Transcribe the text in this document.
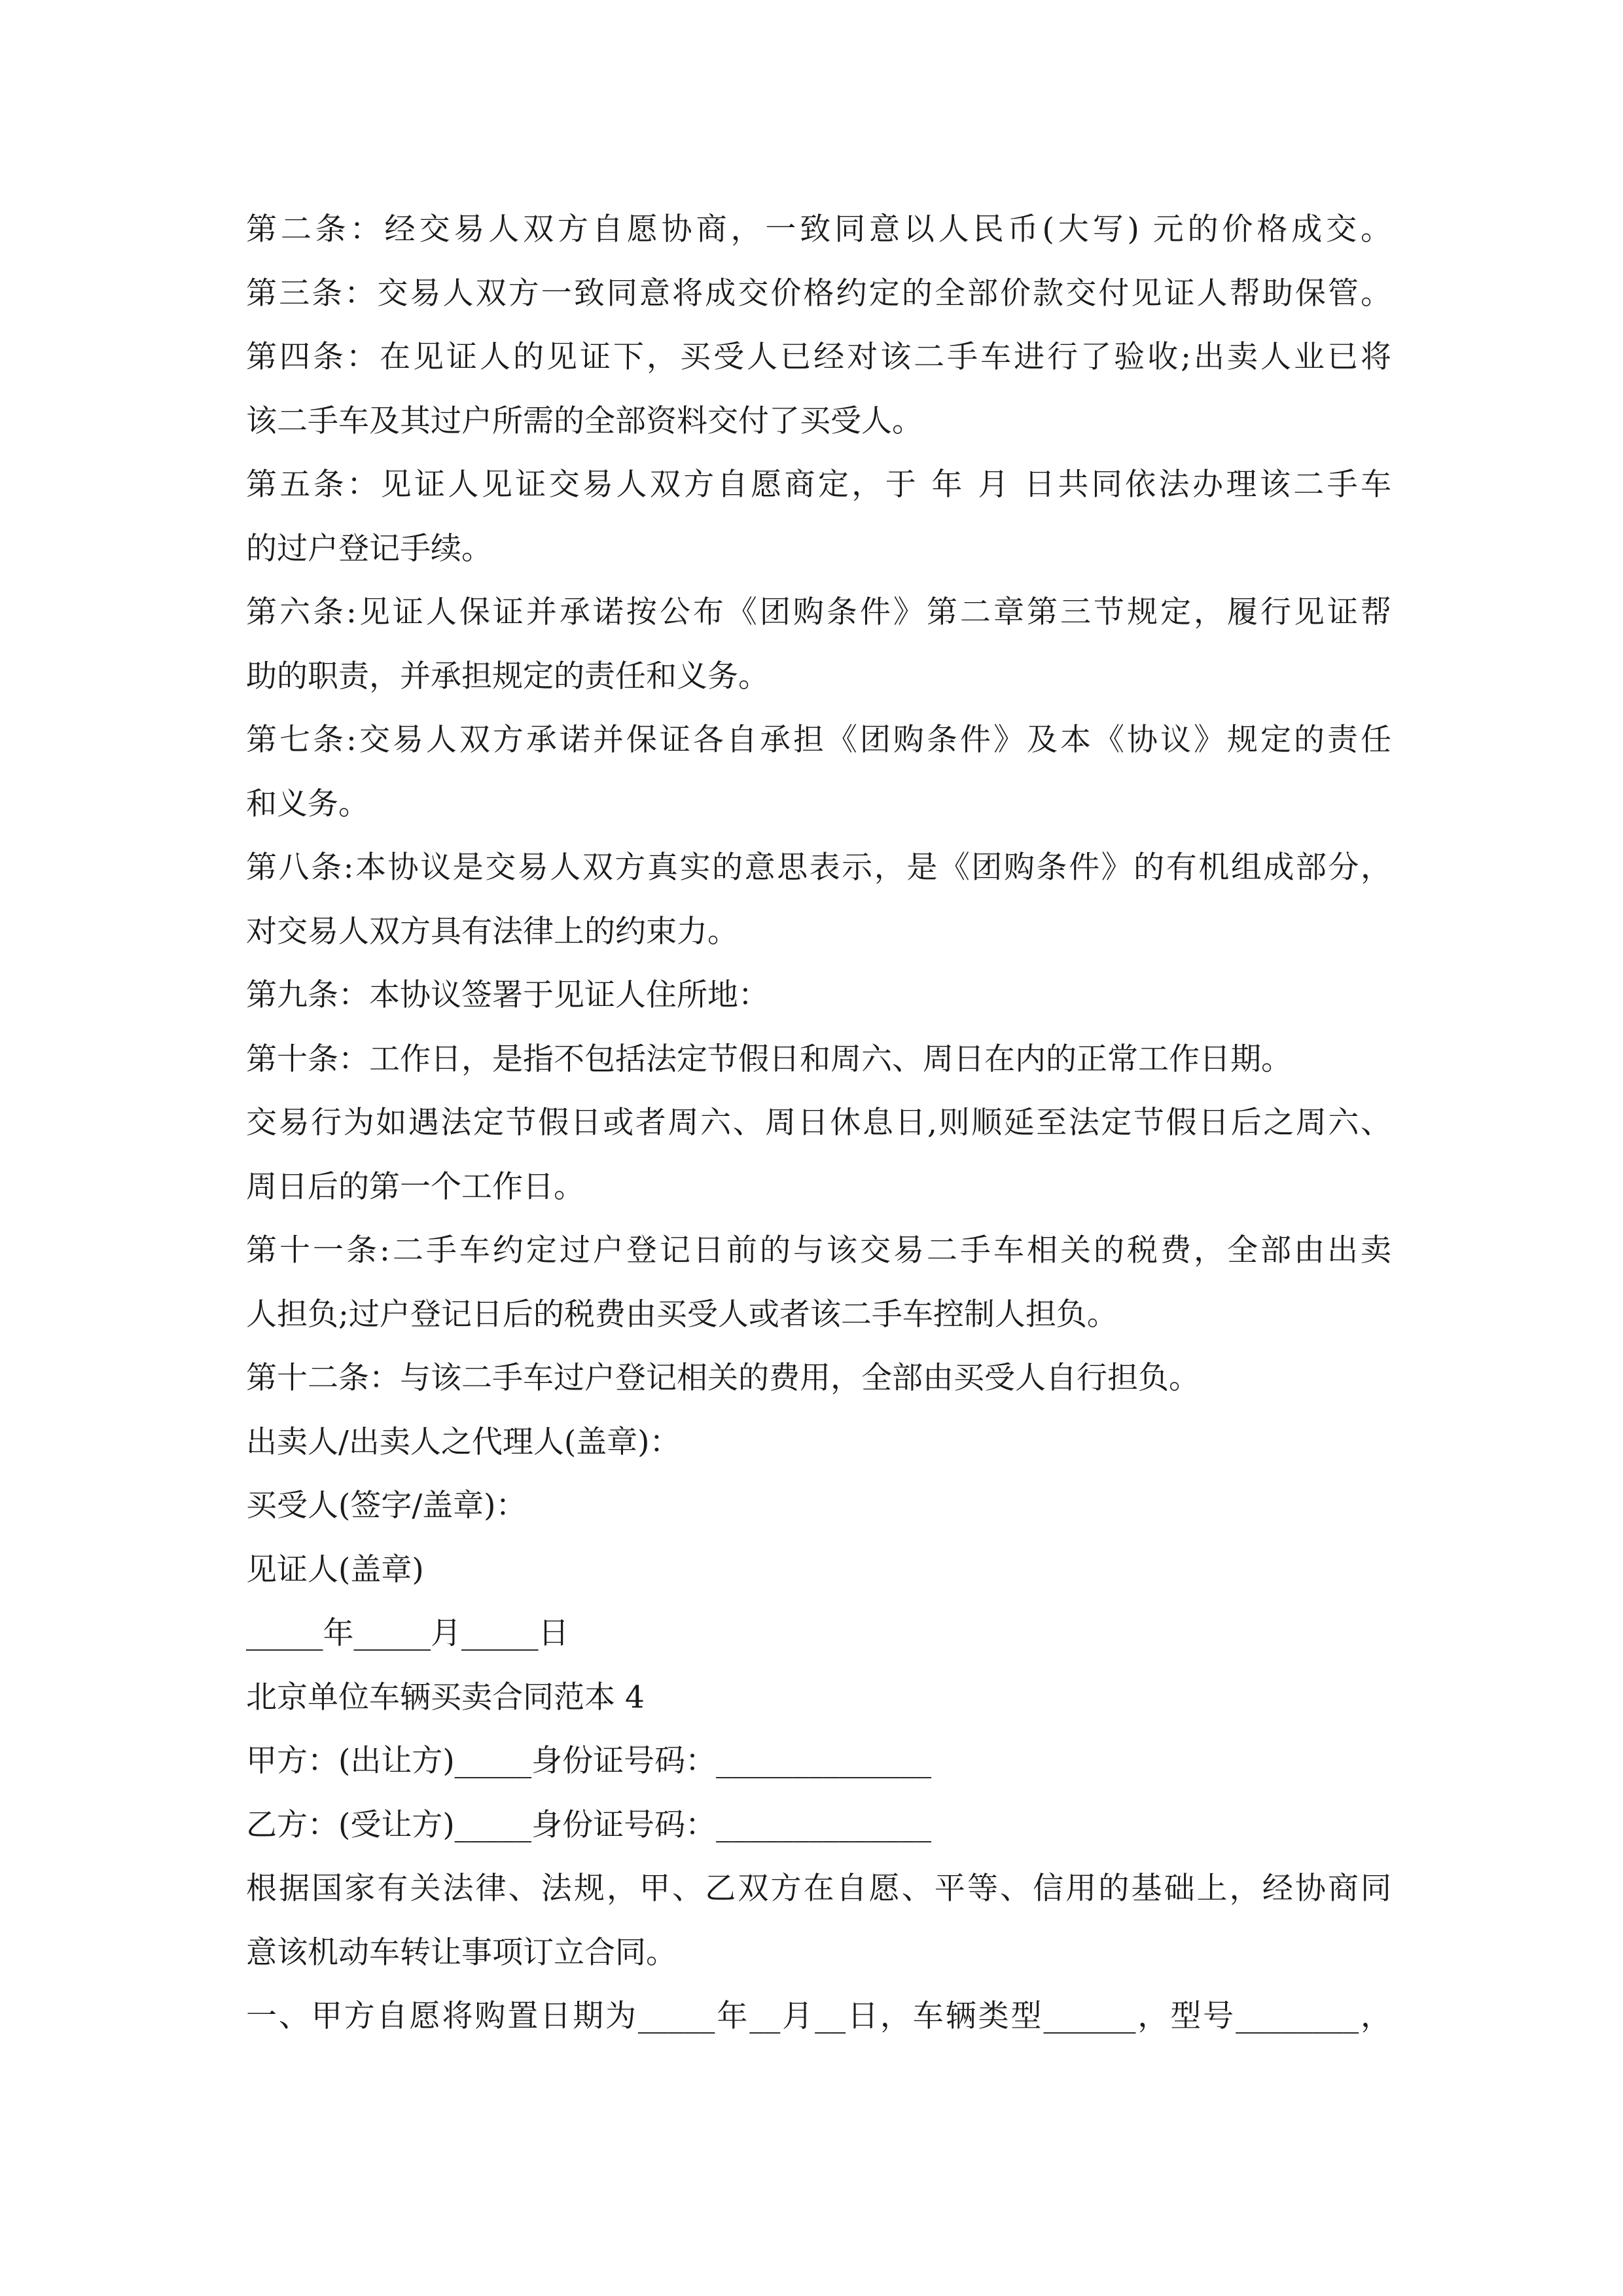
第二条：经交易人双方自愿协商，一致同意以人民币(大写) 元的价格成交。
第三条：交易人双方一致同意将成交价格约定的全部价款交付见证人帮助保管。
第四条：在见证人的见证下，买受人已经对该二手车进行了验收;出卖人业已将
该二手车及其过户所需的全部资料交付了买受人。
第五条：见证人见证交易人双方自愿商定，于 年 月 日共同依法办理该二手车
的过户登记手续。
第六条:见证人保证并承诺按公布《团购条件》第二章第三节规定，履行见证帮
助的职责，并承担规定的责任和义务。
第七条:交易人双方承诺并保证各自承担《团购条件》及本《协议》规定的责任
和义务。
第八条:本协议是交易人双方真实的意思表示，是《团购条件》的有机组成部分，
对交易人双方具有法律上的约束力。
第九条：本协议签署于见证人住所地：
第十条：工作日，是指不包括法定节假日和周六、周日在内的正常工作日期。
交易行为如遇法定节假日或者周六、周日休息日,则顺延至法定节假日后之周六、
周日后的第一个工作日。
第十一条:二手车约定过户登记日前的与该交易二手车相关的税费，全部由出卖
人担负;过户登记日后的税费由买受人或者该二手车控制人担负。
第十二条：与该二手车过户登记相关的费用，全部由买受人自行担负。
出卖人/出卖人之代理人(盖章)：
买受人(签字/盖章)：
见证人(盖章)
_____年_____月_____日
北京单位车辆买卖合同范本 4
甲方：(出让方)_____身份证号码：______________
乙方：(受让方)_____身份证号码：______________
根据国家有关法律、法规，甲、乙双方在自愿、平等、信用的基础上，经协商同
意该机动车转让事项订立合同。
一、甲方自愿将购置日期为_____年__月__日，车辆类型______，型号________，
